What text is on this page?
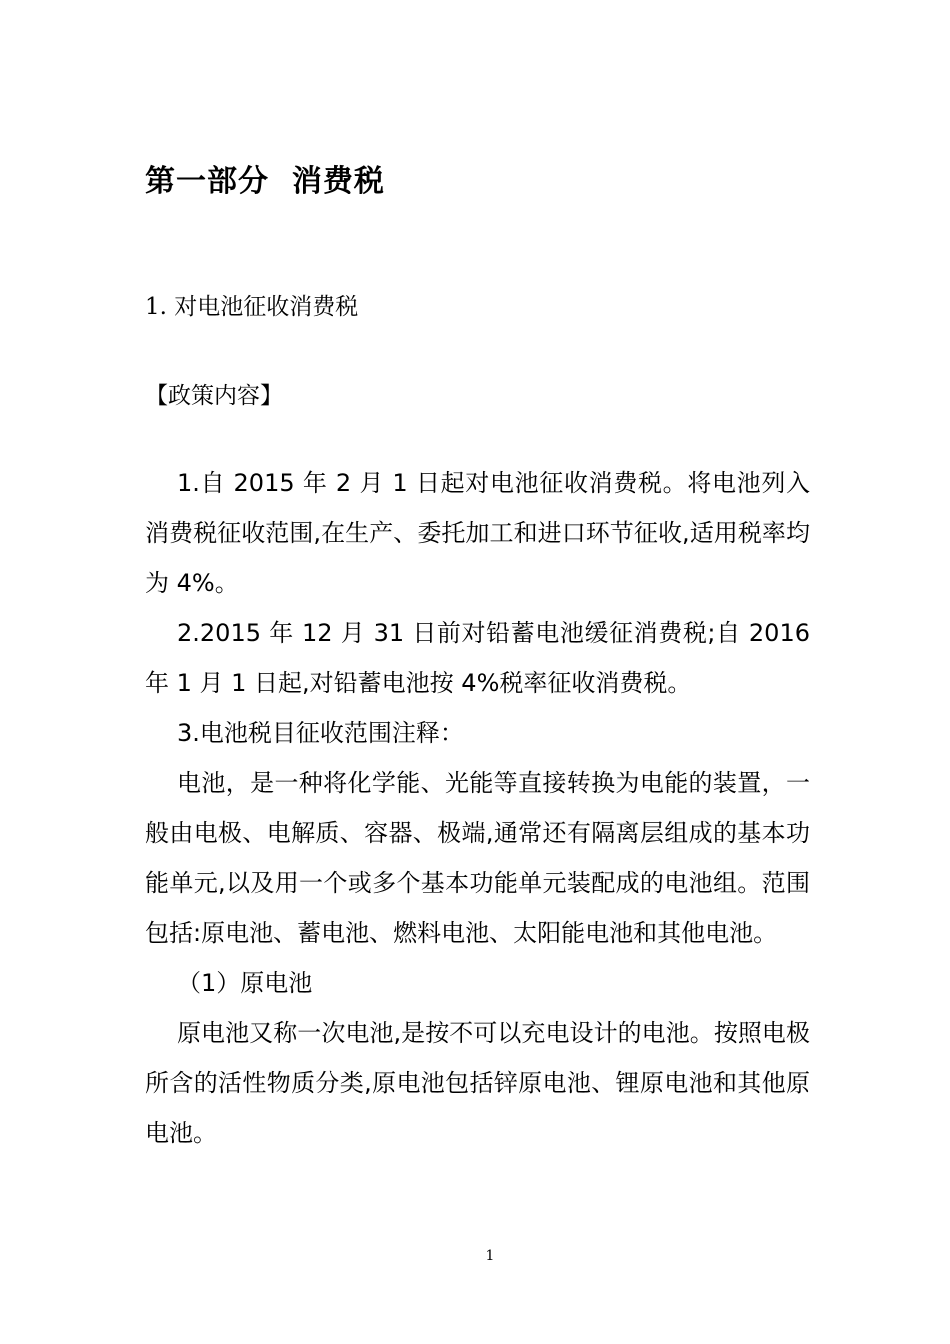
第一部分  消费税
1. 对电池征收消费税
【政策内容】

1.自 2015 年 2 月 1 日起对电池征收消费税。将电池列入消费税征收范围,在生产、委托加工和进口环节征收,适用税率均为 4%。

2.2015 年 12 月 31 日前对铅蓄电池缓征消费税;自 2016 年 1 月 1 日起,对铅蓄电池按 4%税率征收消费税。

3.电池税目征收范围注释：

电池，是一种将化学能、光能等直接转换为电能的装置，一般由电极、电解质、容器、极端,通常还有隔离层组成的基本功能单元,以及用一个或多个基本功能单元装配成的电池组。范围包括:原电池、蓄电池、燃料电池、太阳能电池和其他电池。

（1）原电池

原电池又称一次电池,是按不可以充电设计的电池。按照电极所含的活性物质分类,原电池包括锌原电池、锂原电池和其他原电池。

1
